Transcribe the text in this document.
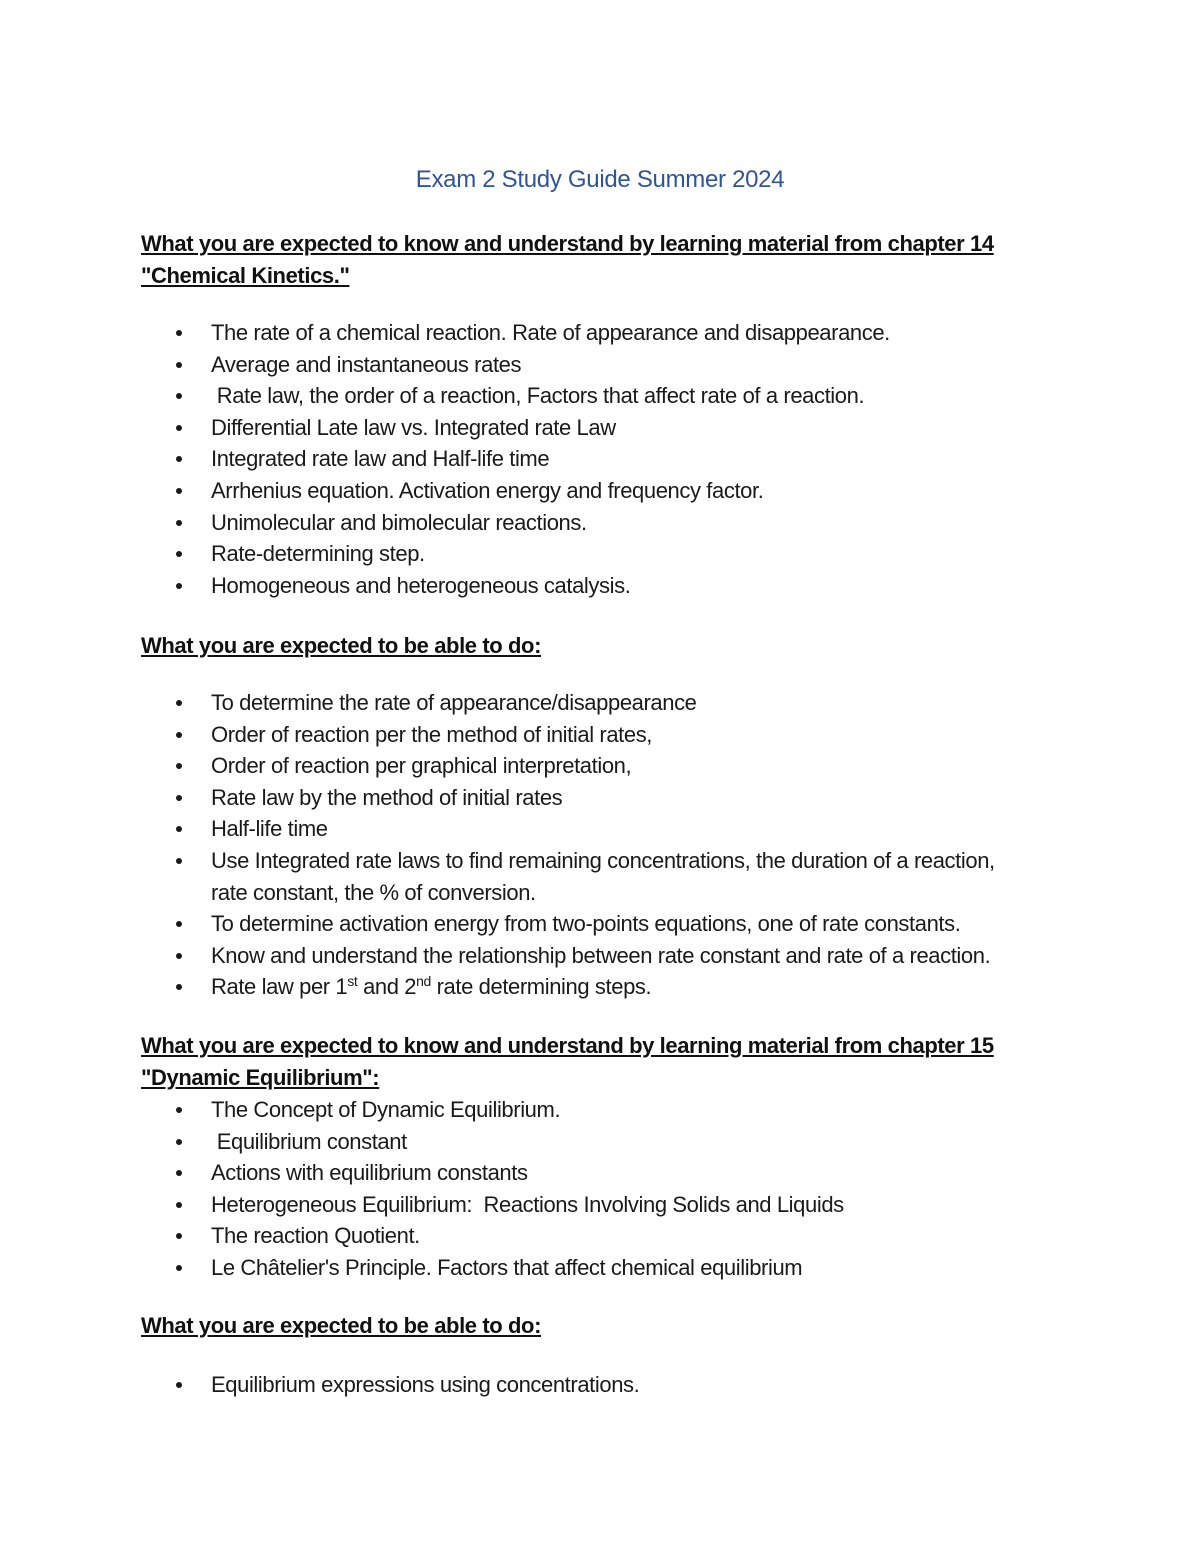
Exam 2 Study Guide Summer 2024
What you are expected to know and understand by learning material from chapter 14
"Chemical Kinetics."
The rate of a chemical reaction. Rate of appearance and disappearance.
Average and instantaneous rates
Rate law, the order of a reaction, Factors that affect rate of a reaction.
Differential Late law vs. Integrated rate Law
Integrated rate law and Half-life time
Arrhenius equation. Activation energy and frequency factor.
Unimolecular and bimolecular reactions.
Rate-determining step.
Homogeneous and heterogeneous catalysis.
What you are expected to be able to do:
To determine the rate of appearance/disappearance
Order of reaction per the method of initial rates,
Order of reaction per graphical interpretation,
Rate law by the method of initial rates
Half-life time
Use Integrated rate laws to find remaining concentrations, the duration of a reaction,
rate constant, the % of conversion.
To determine activation energy from two-points equations, one of rate constants.
Know and understand the relationship between rate constant and rate of a reaction.
Rate law per 1st and 2nd rate determining steps.
What you are expected to know and understand by learning material from chapter 15
"Dynamic Equilibrium":
The Concept of Dynamic Equilibrium.
Equilibrium constant
Actions with equilibrium constants
Heterogeneous Equilibrium:  Reactions Involving Solids and Liquids
The reaction Quotient.
Le Châtelier's Principle. Factors that affect chemical equilibrium
What you are expected to be able to do:
Equilibrium expressions using concentrations.
